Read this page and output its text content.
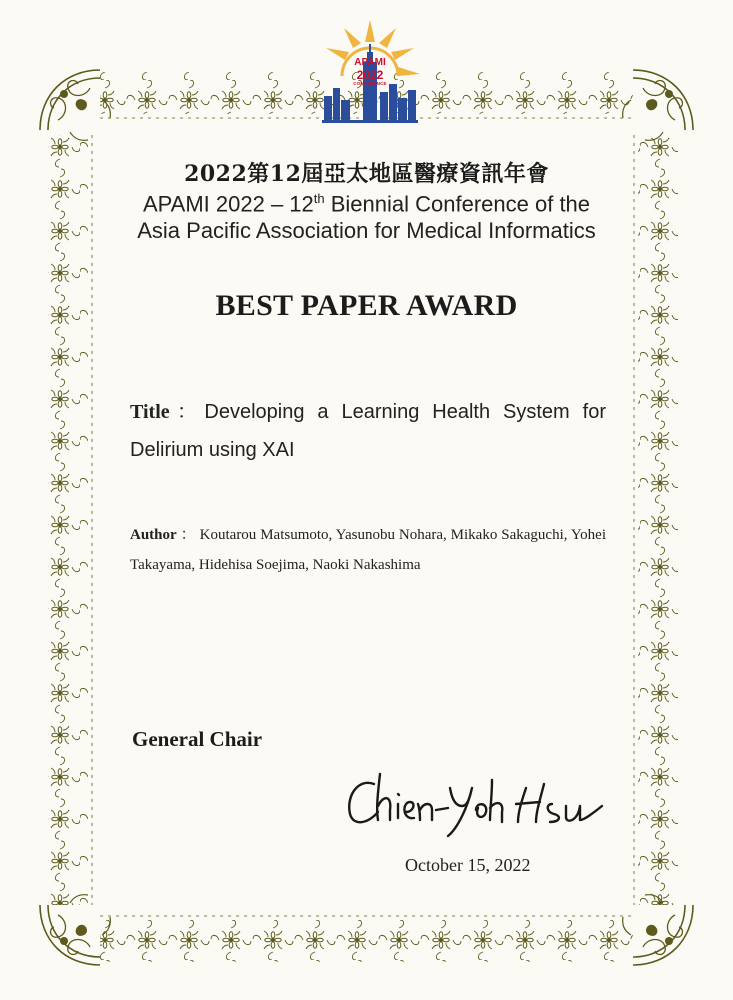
APAMI
2022
CONFERENCE
2022第12屆亞太地區醫療資訊年會
APAMI 2022 – 12th Biennial Conference of the
Asia Pacific Association for Medical Informatics
BEST PAPER AWARD
Title：Developing a Learning Health System for Delirium using XAI
Author ： Koutarou Matsumoto, Yasunobu Nohara, Mikako Sakaguchi, Yohei Takayama, Hidehisa Soejima, Naoki Nakashima
General Chair
October 15, 2022
